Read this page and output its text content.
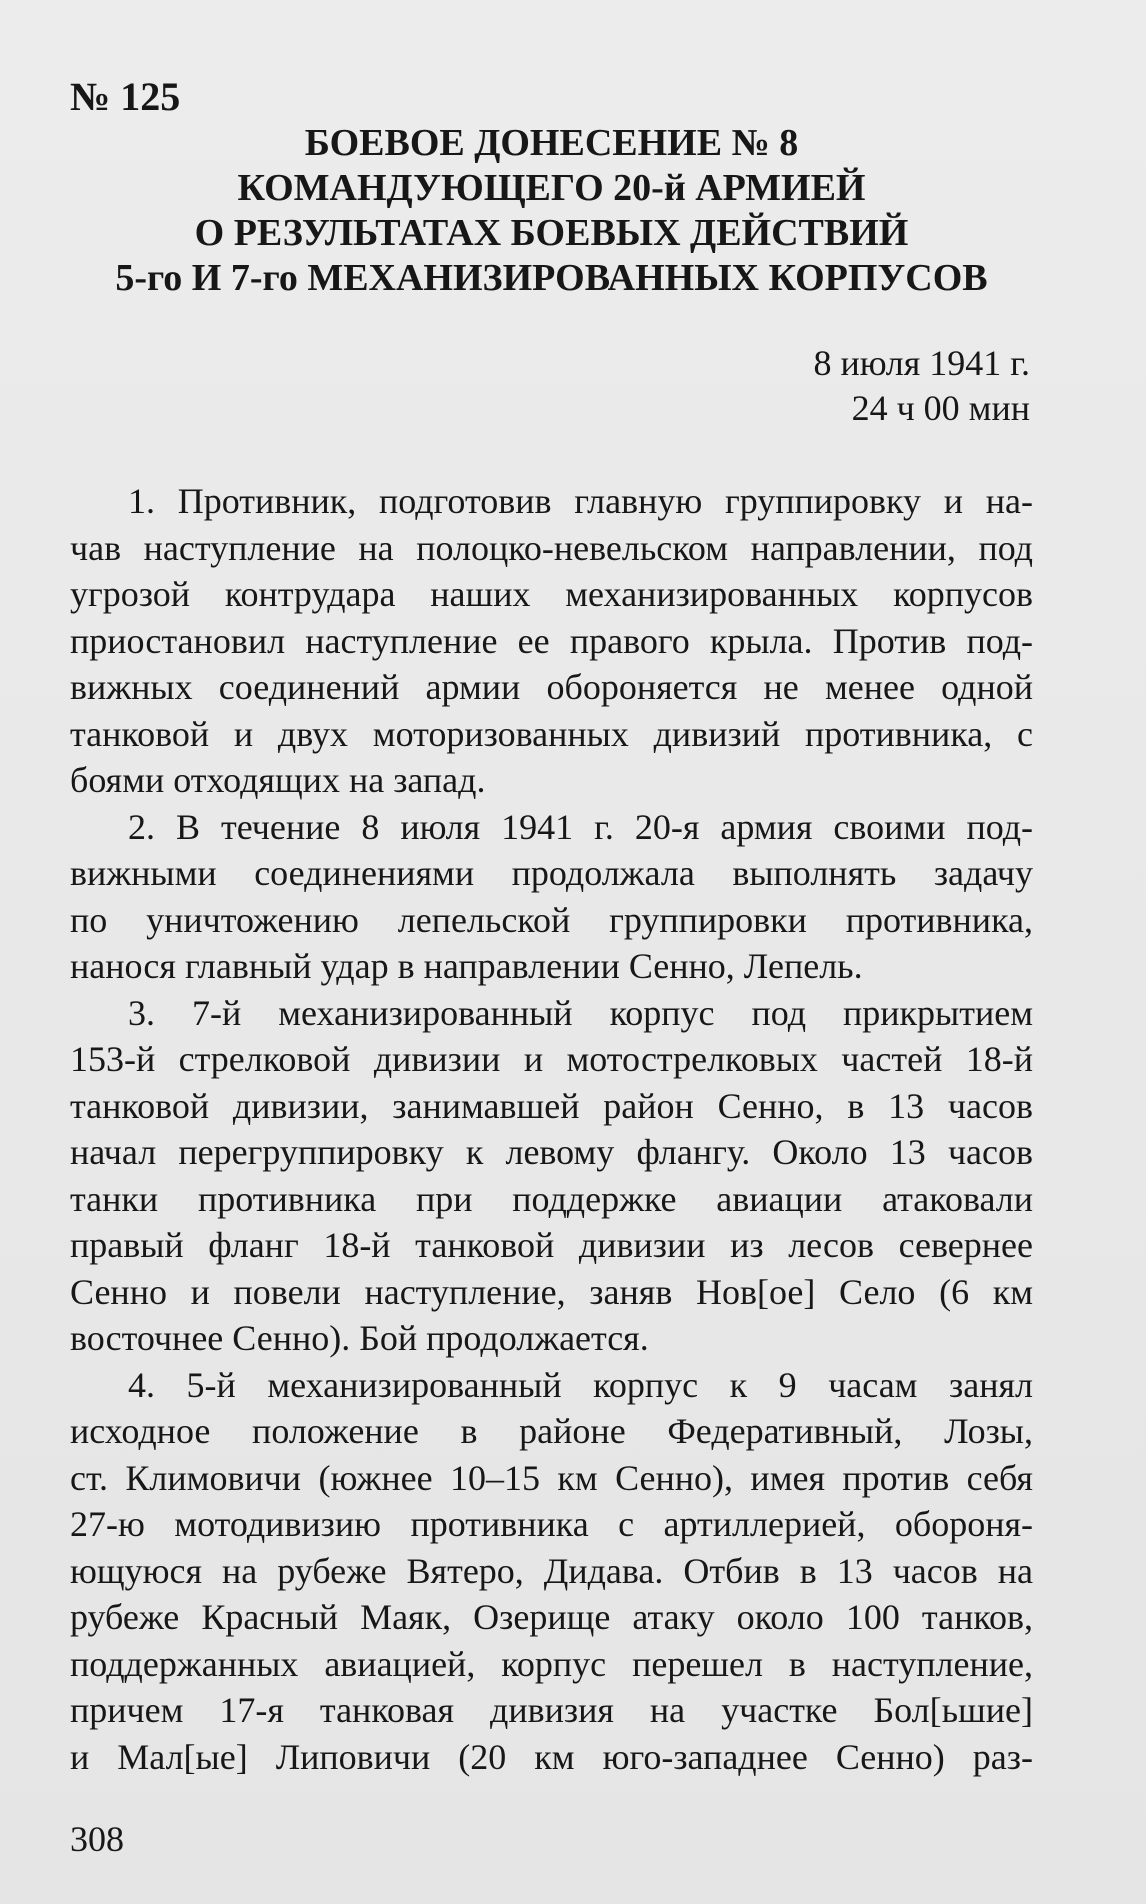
№ 125
БОЕВОЕ ДОНЕСЕНИЕ № 8
КОМАНДУЮЩЕГО 20-й АРМИЕЙ
О РЕЗУЛЬТАТАХ БОЕВЫХ ДЕЙСТВИЙ
5-го И 7-го МЕХАНИЗИРОВАННЫХ КОРПУСОВ
8 июля 1941 г.
24 ч 00 мин
1. Противник, подготовив главную группировку и на-
чав наступление на полоцко-невельском направлении, под
угрозой контрудара наших механизированных корпусов
приостановил наступление ее правого крыла. Против под-
вижных соединений армии обороняется не менее одной
танковой и двух моторизованных дивизий противника, с
боями отходящих на запад.
2. В течение 8 июля 1941 г. 20-я армия своими под-
вижными соединениями продолжала выполнять задачу
по уничтожению лепельской группировки противника,
нанося главный удар в направлении Сенно, Лепель.
3. 7-й механизированный корпус под прикрытием
153-й стрелковой дивизии и мотострелковых частей 18-й
танковой дивизии, занимавшей район Сенно, в 13 часов
начал перегруппировку к левому флангу. Около 13 часов
танки противника при поддержке авиации атаковали
правый фланг 18-й танковой дивизии из лесов севернее
Сенно и повели наступление, заняв Нов[ое] Село (6 км
восточнее Сенно). Бой продолжается.
4. 5-й механизированный корпус к 9 часам занял
исходное положение в районе Федеративный, Лозы,
ст. Климовичи (южнее 10–15 км Сенно), имея против себя
27-ю мотодивизию противника с артиллерией, обороня-
ющуюся на рубеже Вятеро, Дидава. Отбив в 13 часов на
рубеже Красный Маяк, Озерище атаку около 100 танков,
поддержанных авиацией, корпус перешел в наступление,
причем 17-я танковая дивизия на участке Бол[ьшие]
и Мал[ые] Липовичи (20 км юго-западнее Сенно) раз-
308
